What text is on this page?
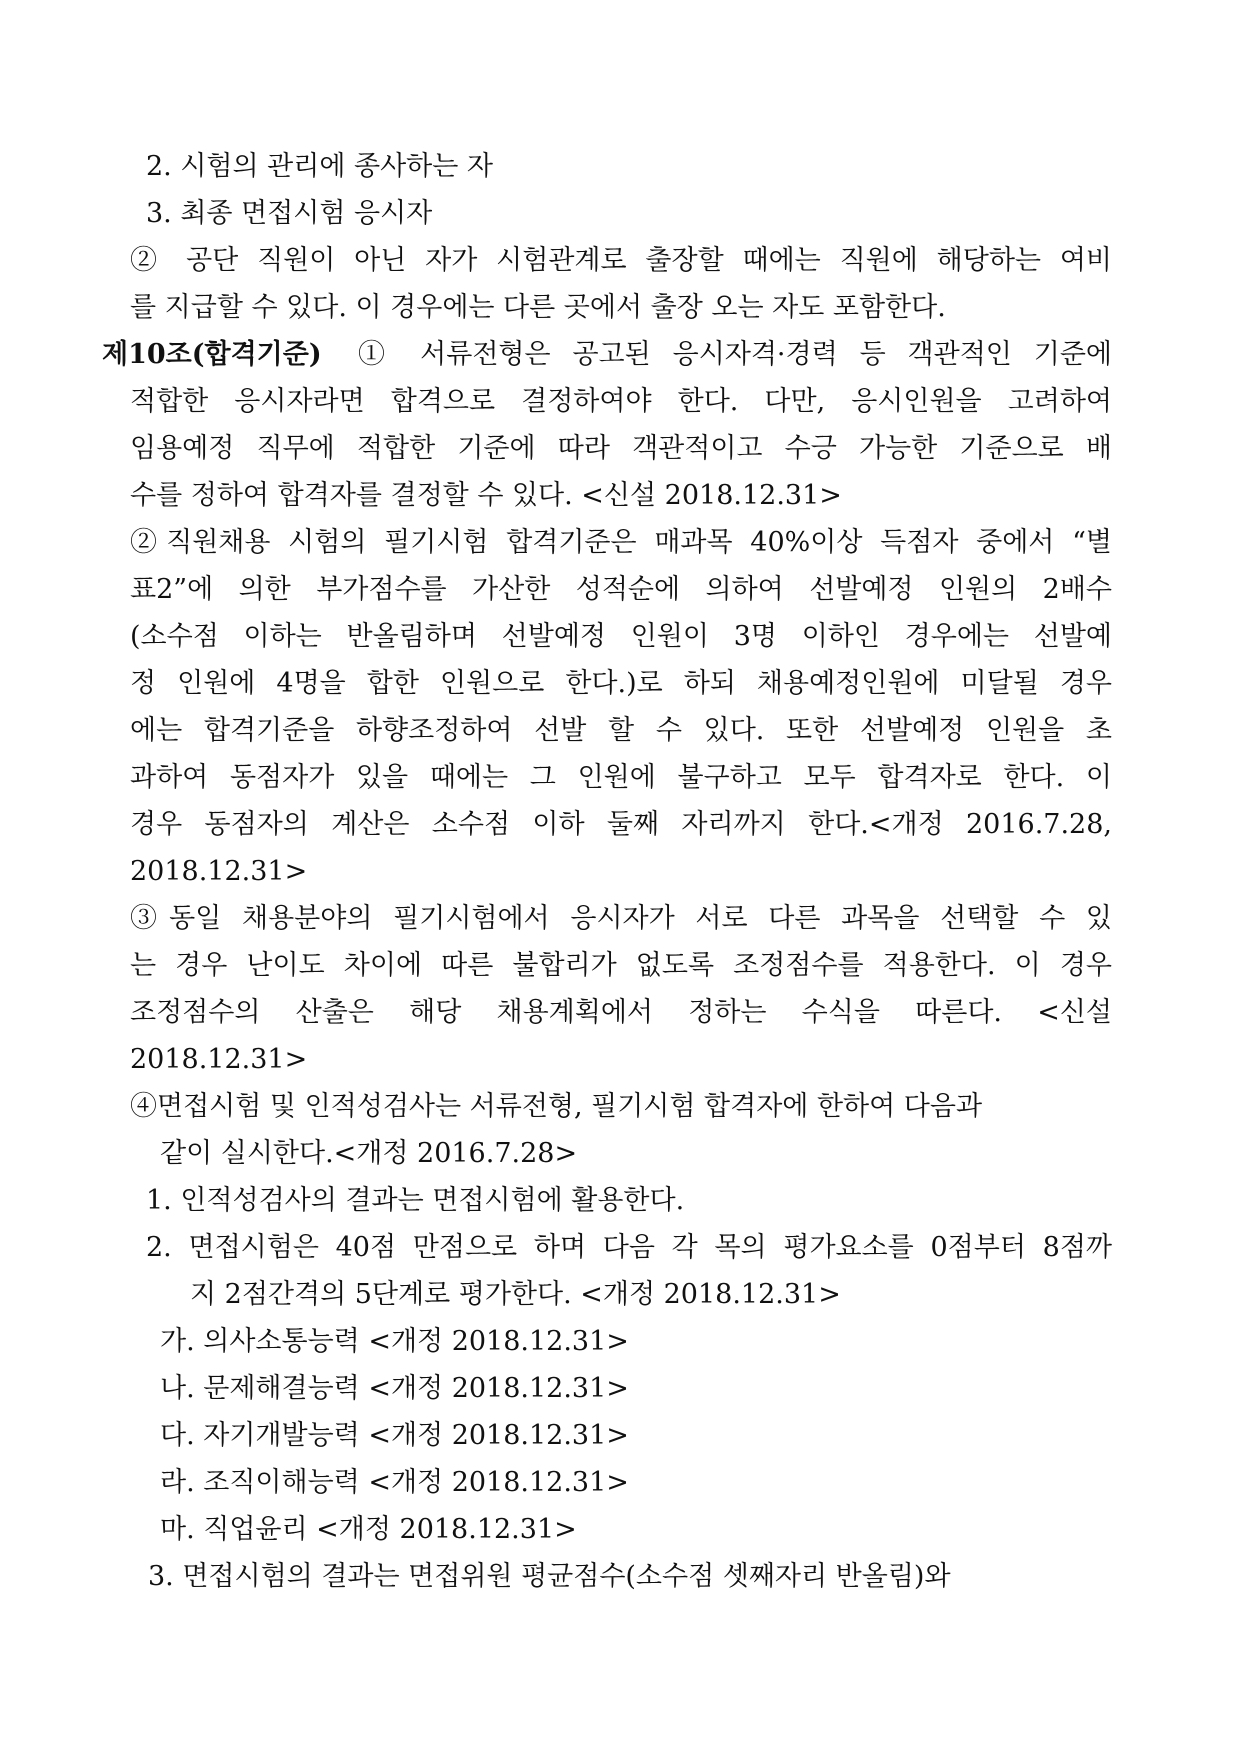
2. 시험의 관리에 종사하는 자
3. 최종 면접시험 응시자
② 공단 직원이 아닌 자가 시험관계로 출장할 때에는 직원에 해당하는 여비
를 지급할 수 있다. 이 경우에는 다른 곳에서 출장 오는 자도 포함한다.
제10조(합격기준) ① 서류전형은 공고된 응시자격·경력 등 객관적인 기준에
적합한 응시자라면 합격으로 결정하여야 한다. 다만, 응시인원을 고려하여
임용예정 직무에 적합한 기준에 따라 객관적이고 수긍 가능한 기준으로 배
수를 정하여 합격자를 결정할 수 있다. <신설 2018.12.31>
②직원채용 시험의 필기시험 합격기준은 매과목 40%이상 득점자 중에서 “별
표2”에 의한 부가점수를 가산한 성적순에 의하여 선발예정 인원의 2배수
(소수점 이하는 반올림하며 선발예정 인원이 3명 이하인 경우에는 선발예
정 인원에 4명을 합한 인원으로 한다.)로 하되 채용예정인원에 미달될 경우
에는 합격기준을 하향조정하여 선발 할 수 있다. 또한 선발예정 인원을 초
과하여 동점자가 있을 때에는 그 인원에 불구하고 모두 합격자로 한다. 이
경우 동점자의 계산은 소수점 이하 둘째 자리까지 한다.<개정 2016.7.28,
2018.12.31>
③동일 채용분야의 필기시험에서 응시자가 서로 다른 과목을 선택할 수 있
는 경우 난이도 차이에 따른 불합리가 없도록 조정점수를 적용한다. 이 경우
조정점수의 산출은 해당 채용계획에서 정하는 수식을 따른다. <신설
2018.12.31>
④면접시험 및 인적성검사는 서류전형, 필기시험 합격자에 한하여 다음과
같이 실시한다.<개정 2016.7.28>
1. 인적성검사의 결과는 면접시험에 활용한다.
2. 면접시험은 40점 만점으로 하며 다음 각 목의 평가요소를 0점부터 8점까
지 2점간격의 5단계로 평가한다. <개정 2018.12.31>
가. 의사소통능력 <개정 2018.12.31>
나. 문제해결능력 <개정 2018.12.31>
다. 자기개발능력 <개정 2018.12.31>
라. 조직이해능력 <개정 2018.12.31>
마. 직업윤리 <개정 2018.12.31>
3. 면접시험의 결과는 면접위원 평균점수(소수점 셋째자리 반올림)와
